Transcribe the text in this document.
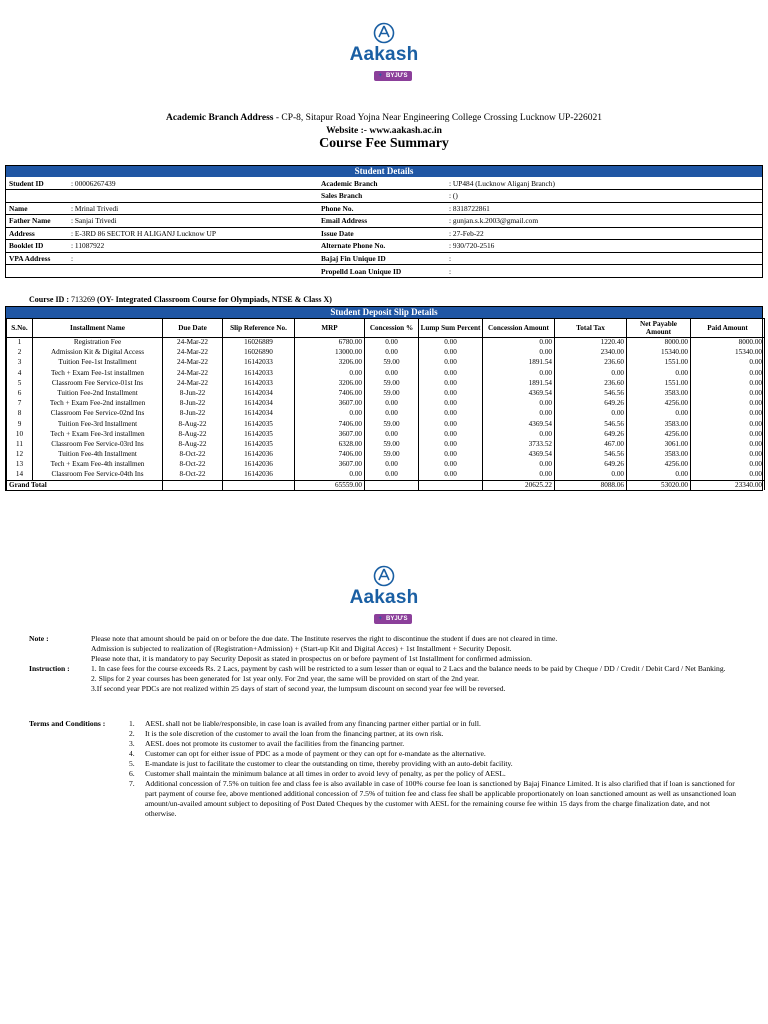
Aakash
+ BYJU'S
Academic Branch Address - CP-8, Sitapur Road Yojna Near Engineering College Crossing Lucknow UP-226021
Website :- www.aakash.ac.in
Course Fee Summary
Student Details
Student ID	: 00006267439	Academic Branch	: UP484 (Lucknow Aliganj Branch)
		Sales Branch	: ()
Name	: Mrinal Trivedi	Phone No.	: 8318722861
Father Name	: Sanjai Trivedi	Email Address	: gunjan.s.k.2003@gmail.com
Address	: E-3RD 86 SECTOR H ALIGANJ Lucknow UP	Issue Date	: 27-Feb-22
Booklet ID	: 11087922	Alternate Phone No.	: 930/720-2516
VPA Address	:	Bajaj Fin Unique ID	:
		Propelld Loan Unique ID	:
Course ID : 713269 (OY- Integrated Classroom Course for Olympiads, NTSE & Class X)
Student Deposit Slip Details
S.No.	Installment Name	Due Date	Slip Reference No.	MRP	Concession %	Lump Sum Percent	Concession Amount	Total Tax	Net Payable Amount	Paid Amount
1	Registration Fee	24-Mar-22	16026889	6780.00	0.00	0.00	0.00	1220.40	8000.00	8000.00
2	Admission Kit & Digital Access	24-Mar-22	16026890	13000.00	0.00	0.00	0.00	2340.00	15340.00	15340.00
3	Tuition Fee-1st Installment	24-Mar-22	16142033	3206.00	59.00	0.00	1891.54	236.60	1551.00	0.00
4	Tech + Exam Fee-1st installmen	24-Mar-22	16142033	0.00	0.00	0.00	0.00	0.00	0.00	0.00
5	Classroom Fee Service-01st Ins	24-Mar-22	16142033	3206.00	59.00	0.00	1891.54	236.60	1551.00	0.00
6	Tuition Fee-2nd Installment	8-Jun-22	16142034	7406.00	59.00	0.00	4369.54	546.56	3583.00	0.00
7	Tech + Exam Fee-2nd installmen	8-Jun-22	16142034	3607.00	0.00	0.00	0.00	649.26	4256.00	0.00
8	Classroom Fee Service-02nd Ins	8-Jun-22	16142034	0.00	0.00	0.00	0.00	0.00	0.00	0.00
9	Tuition Fee-3rd Installment	8-Aug-22	16142035	7406.00	59.00	0.00	4369.54	546.56	3583.00	0.00
10	Tech + Exam Fee-3rd installmen	8-Aug-22	16142035	3607.00	0.00	0.00	0.00	649.26	4256.00	0.00
11	Classroom Fee Service-03rd Ins	8-Aug-22	16142035	6328.00	59.00	0.00	3733.52	467.00	3061.00	0.00
12	Tuition Fee-4th Installment	8-Oct-22	16142036	7406.00	59.00	0.00	4369.54	546.56	3583.00	0.00
13	Tech + Exam Fee-4th installmen	8-Oct-22	16142036	3607.00	0.00	0.00	0.00	649.26	4256.00	0.00
14	Classroom Fee Service-04th Ins	8-Oct-22	16142036	0.00	0.00	0.00	0.00	0.00	0.00	0.00
Grand Total				65559.00			20625.22	8088.06	53020.00	23340.00
Aakash
+ BYJU'S
Note :	Please note that amount should be paid on or before the due date. The Institute reserves the right to discontinue the student if dues are not cleared in time.
Admission is subjected to realization of (Registration+Admission) + (Start-up Kit and Digital Acces) + 1st Installment + Security Deposit.
Please note that, it is mandatory to pay Security Deposit as stated in prospectus on or before payment of 1st Installment for confirmed admission.
Instruction :	1. In case fees for the course exceeds Rs. 2 Lacs, payment by cash will be restricted to a sum lesser than or equal to 2 Lacs and the balance needs to be paid by Cheque / DD / Credit / Debit Card / Net Banking.
2. Slips for 2 year courses has been generated for 1st year only. For 2nd year, the same will be provided on start of the 2nd year.
3.If second year PDCs are not realized within 25 days of start of second year, the lumpsum discount on second year fee will be reversed.
Terms and Conditions :	1.	AESL shall not be liable/responsible, in case loan is availed from any financing partner either partial or in full.
2.	It is the sole discretion of the customer to avail the loan from the financing partner, at its own risk.
3.	AESL does not promote its customer to avail the facilities from the financing partner.
4.	Customer can opt for either issue of PDC as a mode of payment or they can opt for e-mandate as the alternative.
5.	E-mandate is just to facilitate the customer to clear the outstanding on time, thereby providing with an auto-debit facility.
6.	Customer shall maintain the minimum balance at all times in order to avoid levy of penalty, as per the policy of AESL.
7.	Additional concession of 7.5% on tuition fee and class fee is also available in case of 100% course fee loan is sanctioned by Bajaj Finance Limited. It is also clarified that if loan is sanctioned for part payment of course fee, above mentioned additional concession of 7.5% of tuition fee and class fee shall be applicable proportionately on loan sanctioned amount as well as unsanctioned loan amount/un-availed amount subject to depositing of Post Dated Cheques by the customer with AESL for the remaining course fee within 15 days from the charge finalization date, and not otherwise.
